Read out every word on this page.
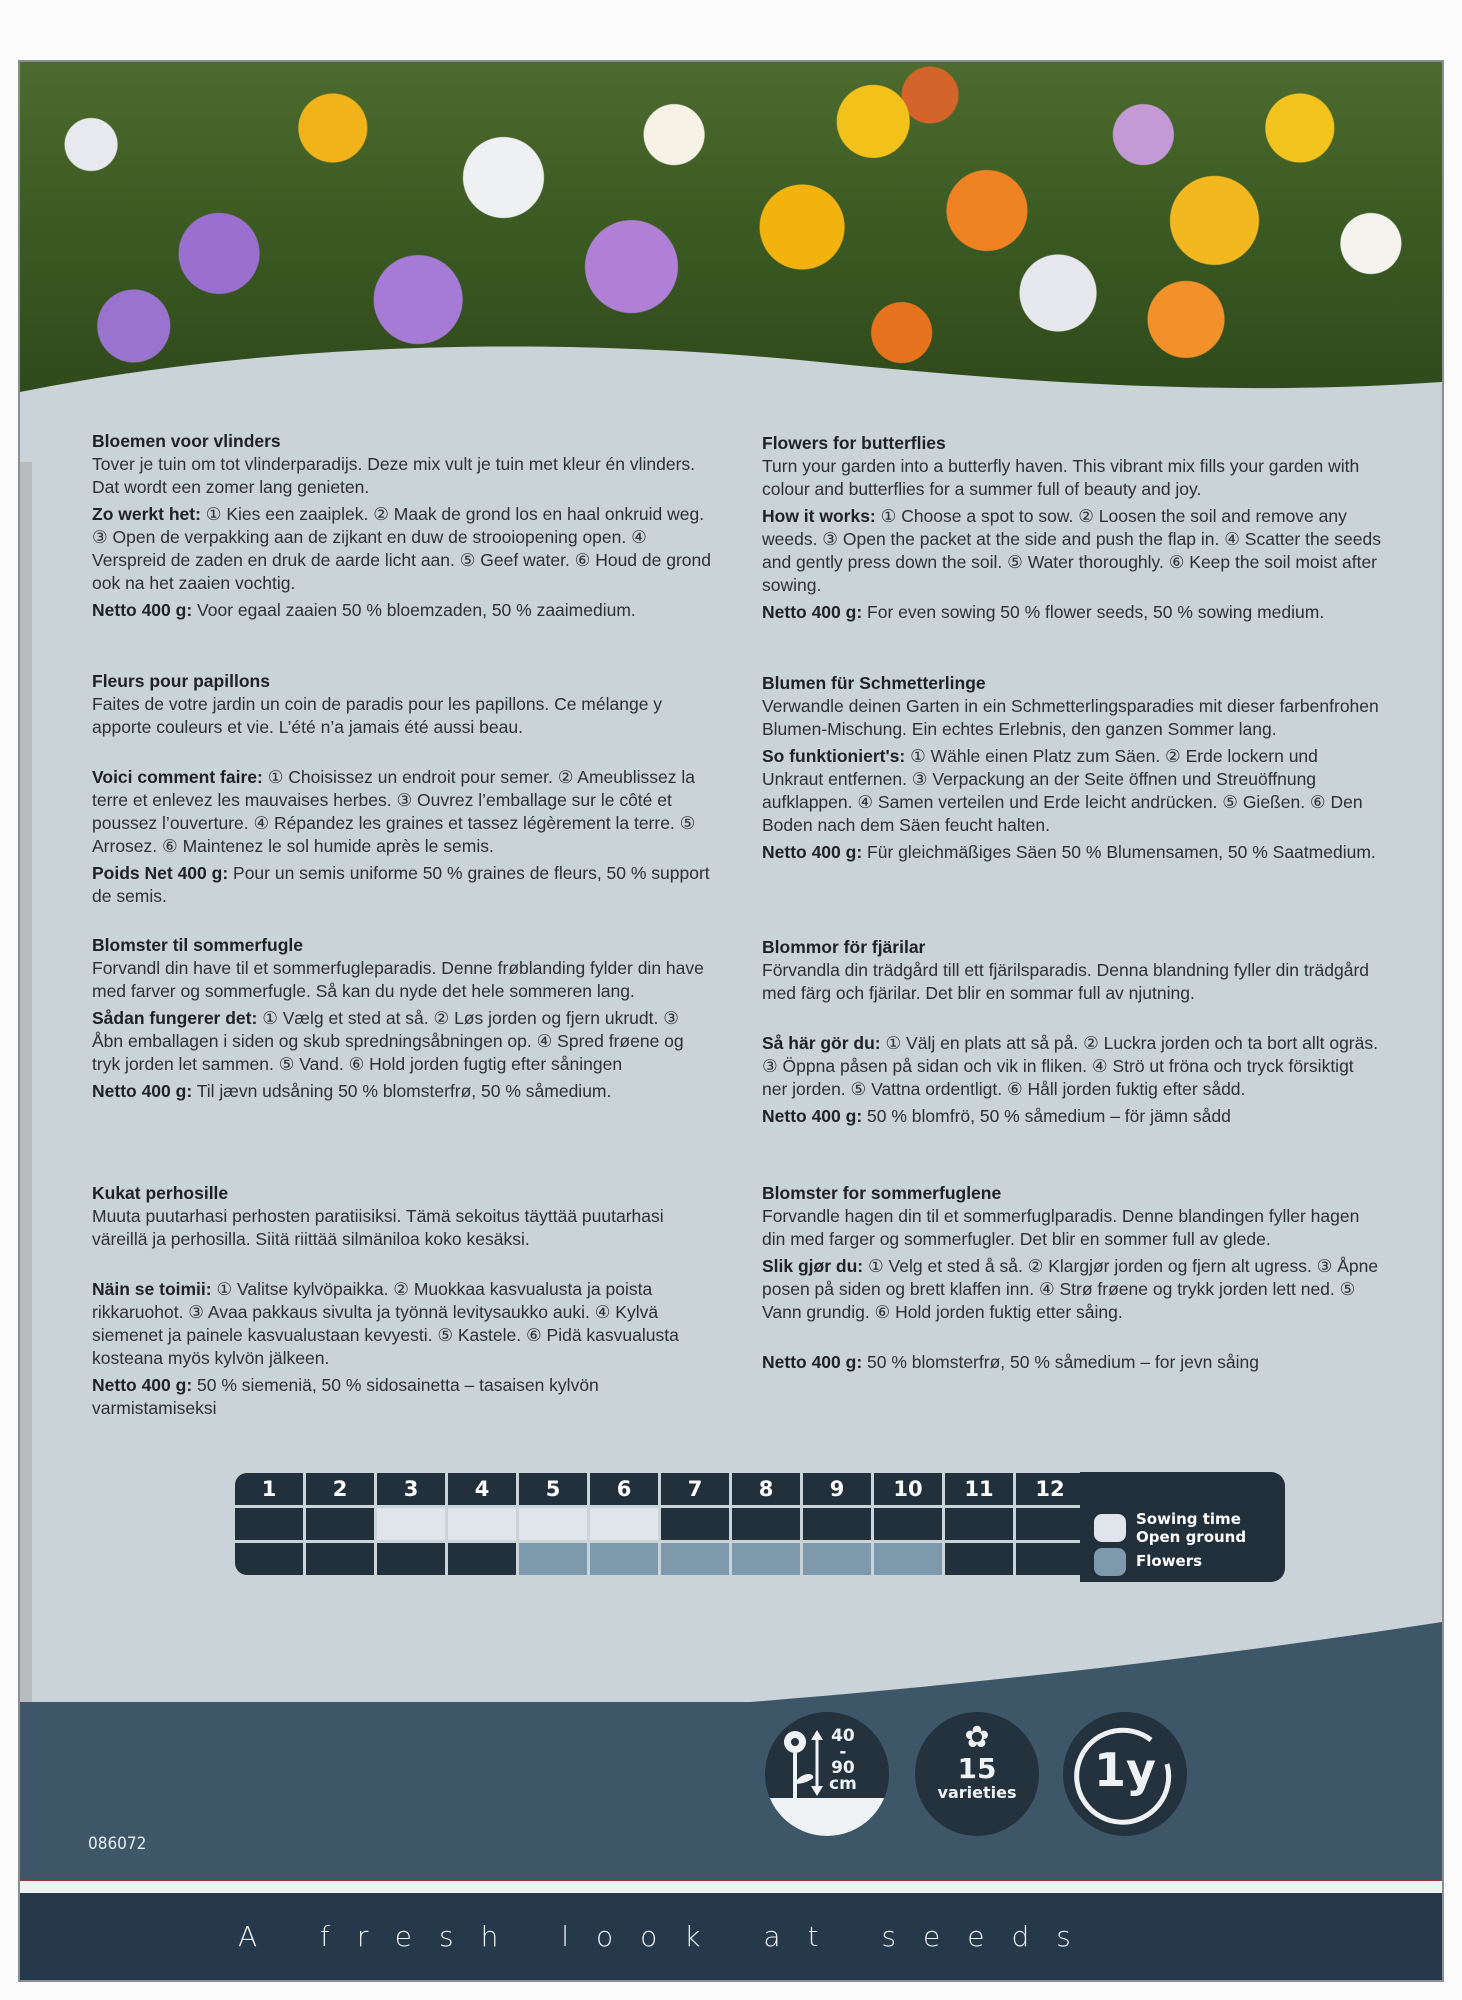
Bloemen voor vlinders

Tover je tuin om tot vlinderparadijs. Deze mix vult je tuin met kleur én vlinders. Dat wordt een zomer lang genieten.

Zo werkt het: ① Kies een zaaiplek. ② Maak de grond los en haal onkruid weg. ③ Open de verpakking aan de zijkant en duw de strooiopening open. ④ Verspreid de zaden en druk de aarde licht aan. ⑤ Geef water. ⑥ Houd de grond ook na het zaaien vochtig.

Netto 400 g: Voor egaal zaaien 50 % bloemzaden, 50 % zaaimedium.

Flowers for butterflies

Turn your garden into a butterfly haven. This vibrant mix fills your garden with colour and butterflies for a summer full of beauty and joy.

How it works: ① Choose a spot to sow. ② Loosen the soil and remove any weeds. ③ Open the packet at the side and push the flap in. ④ Scatter the seeds and gently press down the soil. ⑤ Water thoroughly. ⑥ Keep the soil moist after sowing.

Netto 400 g: For even sowing 50 % flower seeds, 50 % sowing medium.

Fleurs pour papillons

Faites de votre jardin un coin de paradis pour les papillons. Ce mélange y apporte couleurs et vie. L’été n’a jamais été aussi beau.

Voici comment faire: ① Choisissez un endroit pour semer. ② Ameublissez la terre et enlevez les mauvaises herbes. ③ Ouvrez l’emballage sur le côté et poussez l’ouverture. ④ Répandez les graines et tassez légèrement la terre. ⑤ Arrosez. ⑥ Maintenez le sol humide après le semis.

Poids Net 400 g: Pour un semis uniforme 50 % graines de fleurs, 50 % support de semis.

Blumen für Schmetterlinge

Verwandle deinen Garten in ein Schmetterlingsparadies mit dieser farbenfrohen Blumen-Mischung. Ein echtes Erlebnis, den ganzen Sommer lang.

So funktioniert's: ① Wähle einen Platz zum Säen. ② Erde lockern und Unkraut entfernen. ③ Verpackung an der Seite öffnen und Streuöffnung aufklappen. ④ Samen verteilen und Erde leicht andrücken. ⑤ Gießen. ⑥ Den Boden nach dem Säen feucht halten.

Netto 400 g: Für gleichmäßiges Säen 50 % Blumensamen, 50 % Saatmedium.

Blomster til sommerfugle

Forvandl din have til et sommerfugleparadis. Denne frøblanding fylder din have med farver og sommerfugle. Så kan du nyde det hele sommeren lang.

Sådan fungerer det: ① Vælg et sted at så. ② Løs jorden og fjern ukrudt. ③ Åbn emballagen i siden og skub spredningsåbningen op. ④ Spred frøene og tryk jorden let sammen. ⑤ Vand. ⑥ Hold jorden fugtig efter såningen

Netto 400 g: Til jævn udsåning 50 % blomsterfrø, 50 % såmedium.

Blommor för fjärilar

Förvandla din trädgård till ett fjärilsparadis. Denna blandning fyller din trädgård med färg och fjärilar. Det blir en sommar full av njutning.

Så här gör du: ① Välj en plats att så på. ② Luckra jorden och ta bort allt ogräs. ③ Öppna påsen på sidan och vik in fliken. ④ Strö ut fröna och tryck försiktigt ner jorden. ⑤ Vattna ordentligt. ⑥ Håll jorden fuktig efter sådd.

Netto 400 g: 50 % blomfrö, 50 % såmedium – för jämn sådd

Kukat perhosille

Muuta puutarhasi perhosten paratiisiksi. Tämä sekoitus täyttää puutarhasi väreillä ja perhosilla. Siitä riittää silmäniloa koko kesäksi.

Näin se toimii: ① Valitse kylvöpaikka. ② Muokkaa kasvualusta ja poista rikkaruohot. ③ Avaa pakkaus sivulta ja työnnä levitysaukko auki. ④ Kylvä siemenet ja painele kasvualustaan kevyesti. ⑤ Kastele. ⑥ Pidä kasvualusta kosteana myös kylvön jälkeen.

Netto 400 g: 50 % siemeniä, 50 % sidosainetta – tasaisen kylvön varmistamiseksi

Blomster for sommerfuglene

Forvandle hagen din til et sommerfuglparadis. Denne blandingen fyller hagen din med farger og sommerfugler. Det blir en sommer full av glede.

Slik gjør du: ① Velg et sted å så. ② Klargjør jorden og fjern alt ugress. ③ Åpne posen på siden og brett klaffen inn. ④ Strø frøene og trykk jorden lett ned. ⑤ Vann grundig. ⑥ Hold jorden fuktig etter såing.

Netto 400 g: 50 % blomsterfrø, 50 % såmedium – for jevn såing

1	2	3	4	5	6	7	8	9	10	11	12

Sowing time
Open ground
Flowers
40
-
90
cm
✿
15
varieties	1y
086072
A fresh look at seeds
